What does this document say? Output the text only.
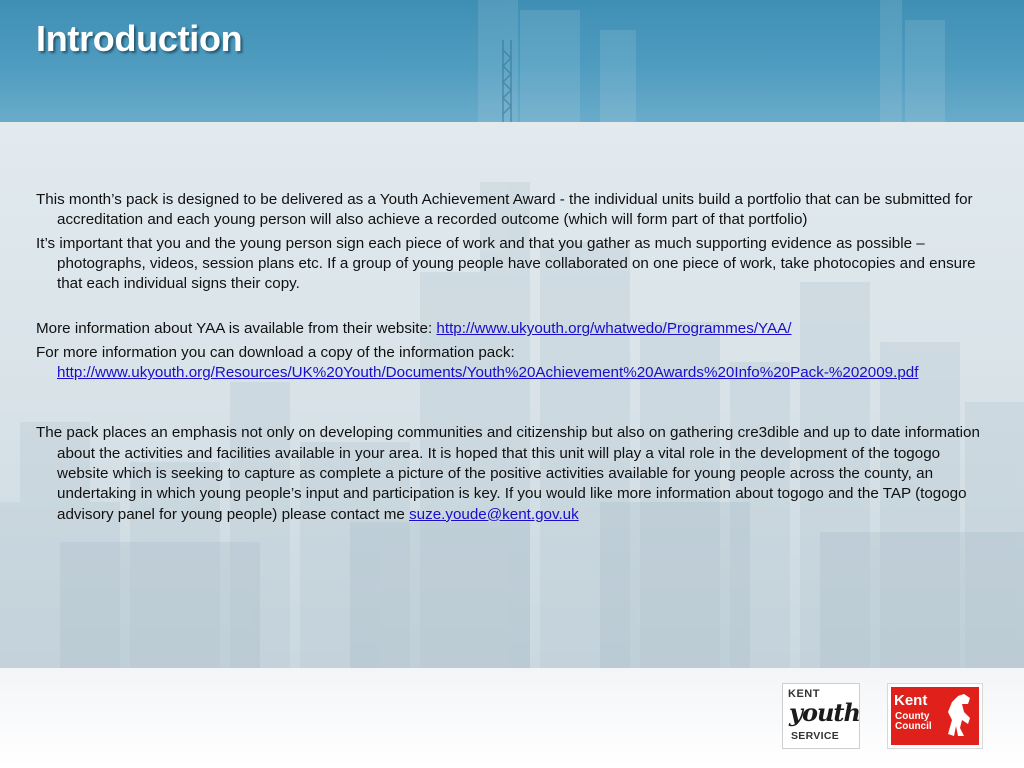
Introduction

This month’s pack is designed to be delivered as a Youth Achievement Award - the individual units build a portfolio that can be submitted for accreditation and each young person will also achieve a recorded outcome (which will form part of that portfolio)

It’s important that you and the young person sign each piece of work and that you gather as much supporting evidence as possible – photographs, videos, session plans etc. If a group of young people have collaborated on one piece of work, take photocopies and ensure that each individual signs their copy.

More information about YAA is available from their website: http://www.ukyouth.org/whatwedo/Programmes/YAA/

For more information you can download a copy of the information pack: http://www.ukyouth.org/Resources/UK%20Youth/Documents/Youth%20Achievement%20Awards%20Info%20Pack-%202009.pdf

The pack places an emphasis not only on developing communities and citizenship but also on gathering cre3dible and up to date information about the activities and facilities available in your area. It is hoped that this unit will play a vital role in the development of the togogo website which is seeking to capture as complete a picture of the positive activities available for young people across the county, an undertaking in which young people’s input and participation is key. If you would like more information about togogo and the TAP (togogo advisory panel for young people) please contact me suze.youde@kent.gov.uk

KENT
youth
SERVICE
Kent
County
Council
